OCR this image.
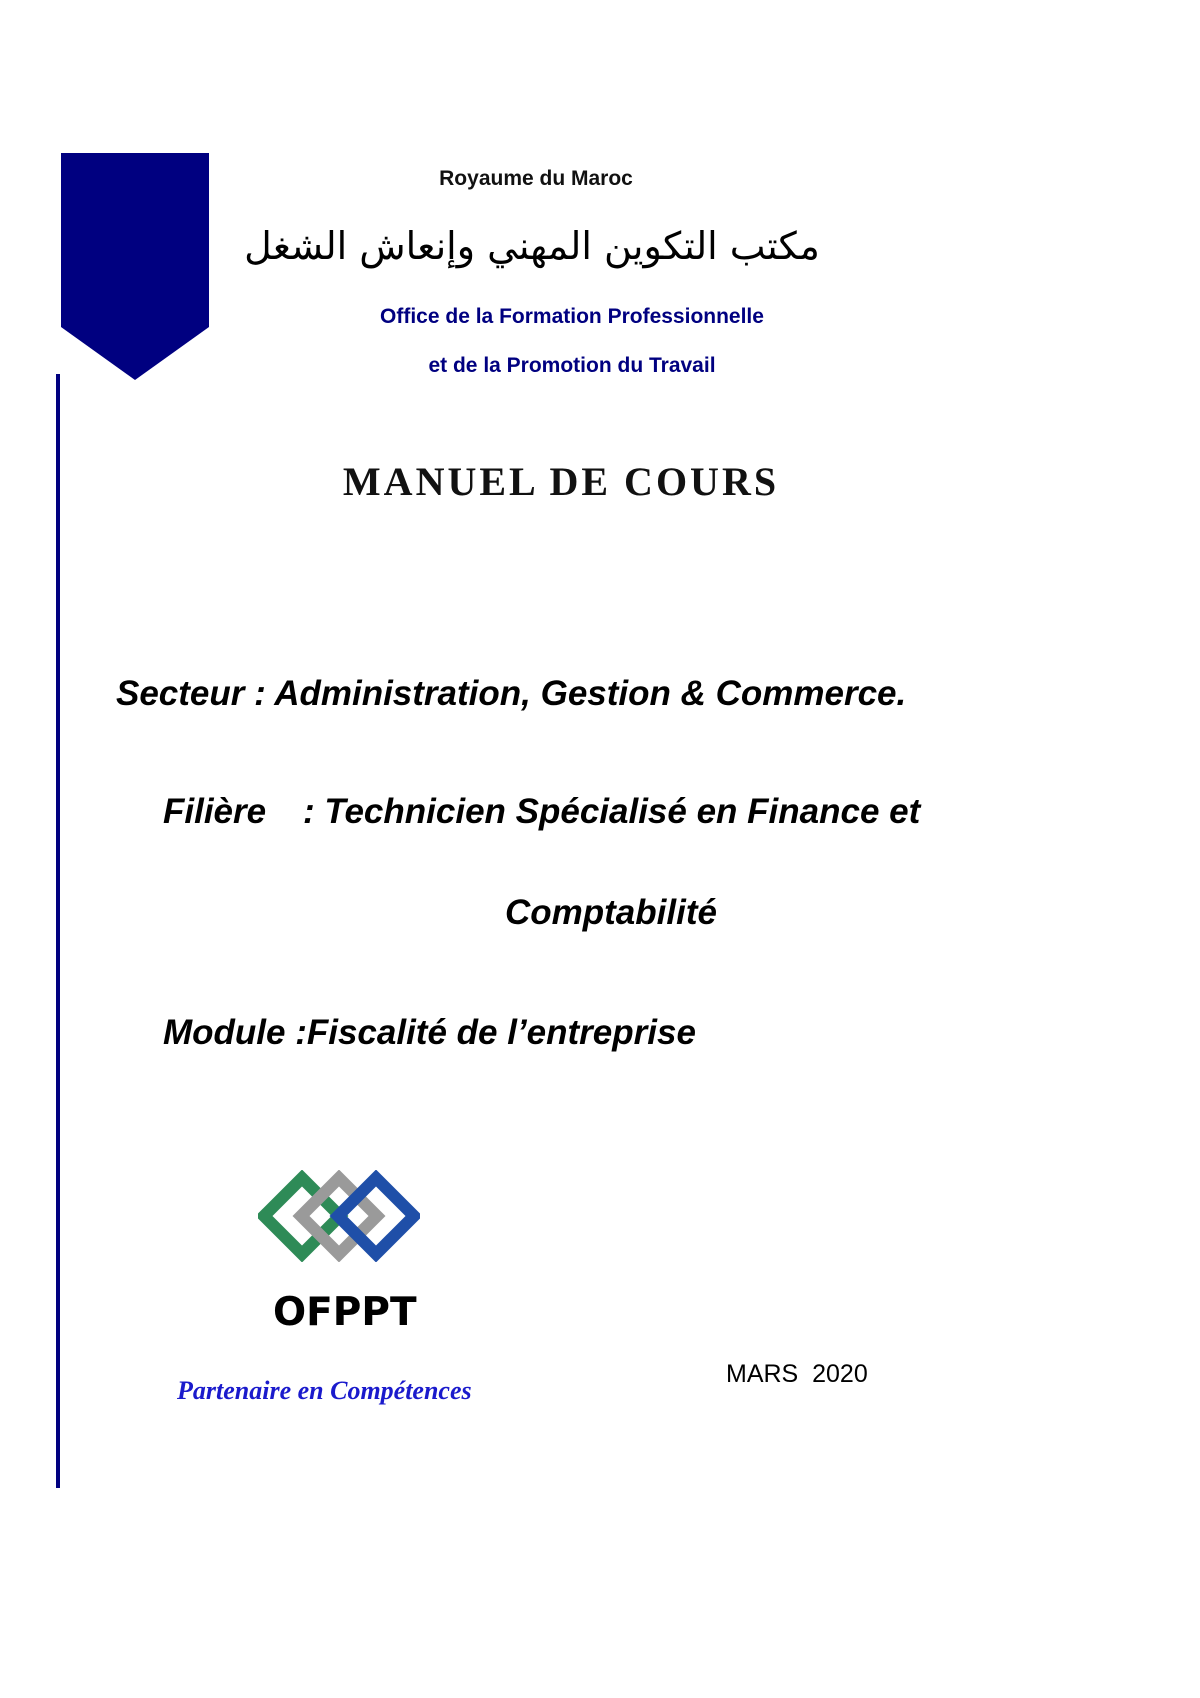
Royaume du Maroc
مكتب التكوين المهني وإنعاش الشغل
Office de la Formation Professionnelle
et de la Promotion du Travail
MANUEL DE COURS
Secteur : Administration, Gestion & Commerce.
Filière : Technicien Spécialisé en Finance et
Comptabilité
Module :Fiscalité de l’entreprise
OFPPT
Partenaire en Compétences
MARS  2020
